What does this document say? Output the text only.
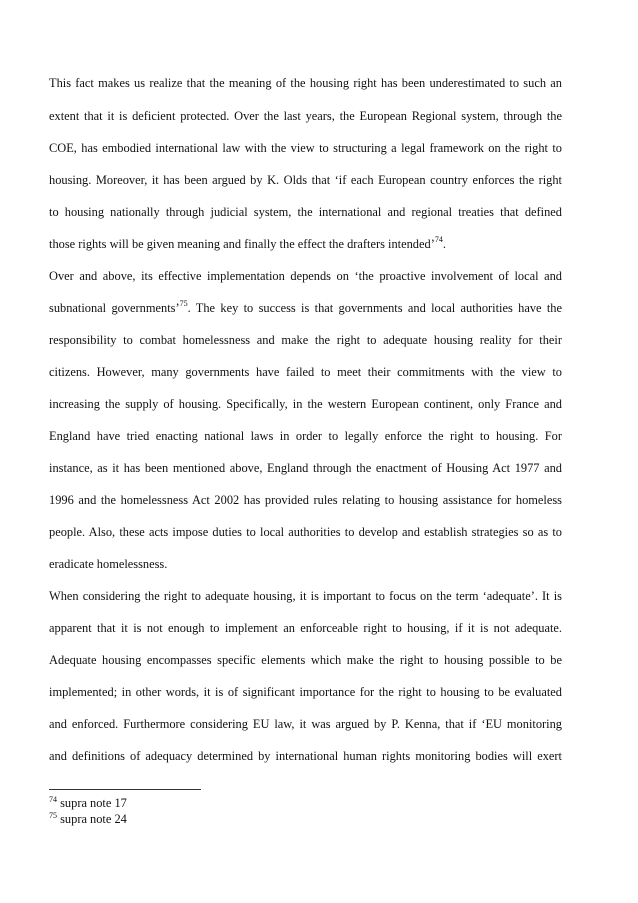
This fact makes us realize that the meaning of the housing right has been underestimated to such an
extent that it is deficient protected. Over the last years, the European Regional system, through the
COE, has embodied international law with the view to structuring a legal framework on the right to
housing. Moreover, it has been argued by K. Olds that ‘if each European country enforces the right
to housing nationally through judicial system, the international and regional treaties that defined
those rights will be given meaning and finally the effect the drafters intended’$^{74}$.
Over and above, its effective implementation depends on ‘the proactive involvement of local and
subnational governments’$^{75}$. The key to success is that governments and local authorities have the
responsibility to combat homelessness and make the right to adequate housing reality for their
citizens. However, many governments have failed to meet their commitments with the view to
increasing the supply of housing. Specifically, in the western European continent, only France and
England have tried enacting national laws in order to legally enforce the right to housing. For
instance, as it has been mentioned above, England through the enactment of Housing Act 1977 and
1996 and the homelessness Act 2002 has provided rules relating to housing assistance for homeless
people. Also, these acts impose duties to local authorities to develop and establish strategies so as to
eradicate homelessness.
When considering the right to adequate housing, it is important to focus on the term ‘adequate’. It is
apparent that it is not enough to implement an enforceable right to housing, if it is not adequate.
Adequate housing encompasses specific elements which make the right to housing possible to be
implemented; in other words, it is of significant importance for the right to housing to be evaluated
and enforced. Furthermore considering EU law, it was argued by P. Kenna, that if ‘EU monitoring
and definitions of adequacy determined by international human rights monitoring bodies will exert
$^{74}$ supra note 17
$^{75}$ supra note 24
